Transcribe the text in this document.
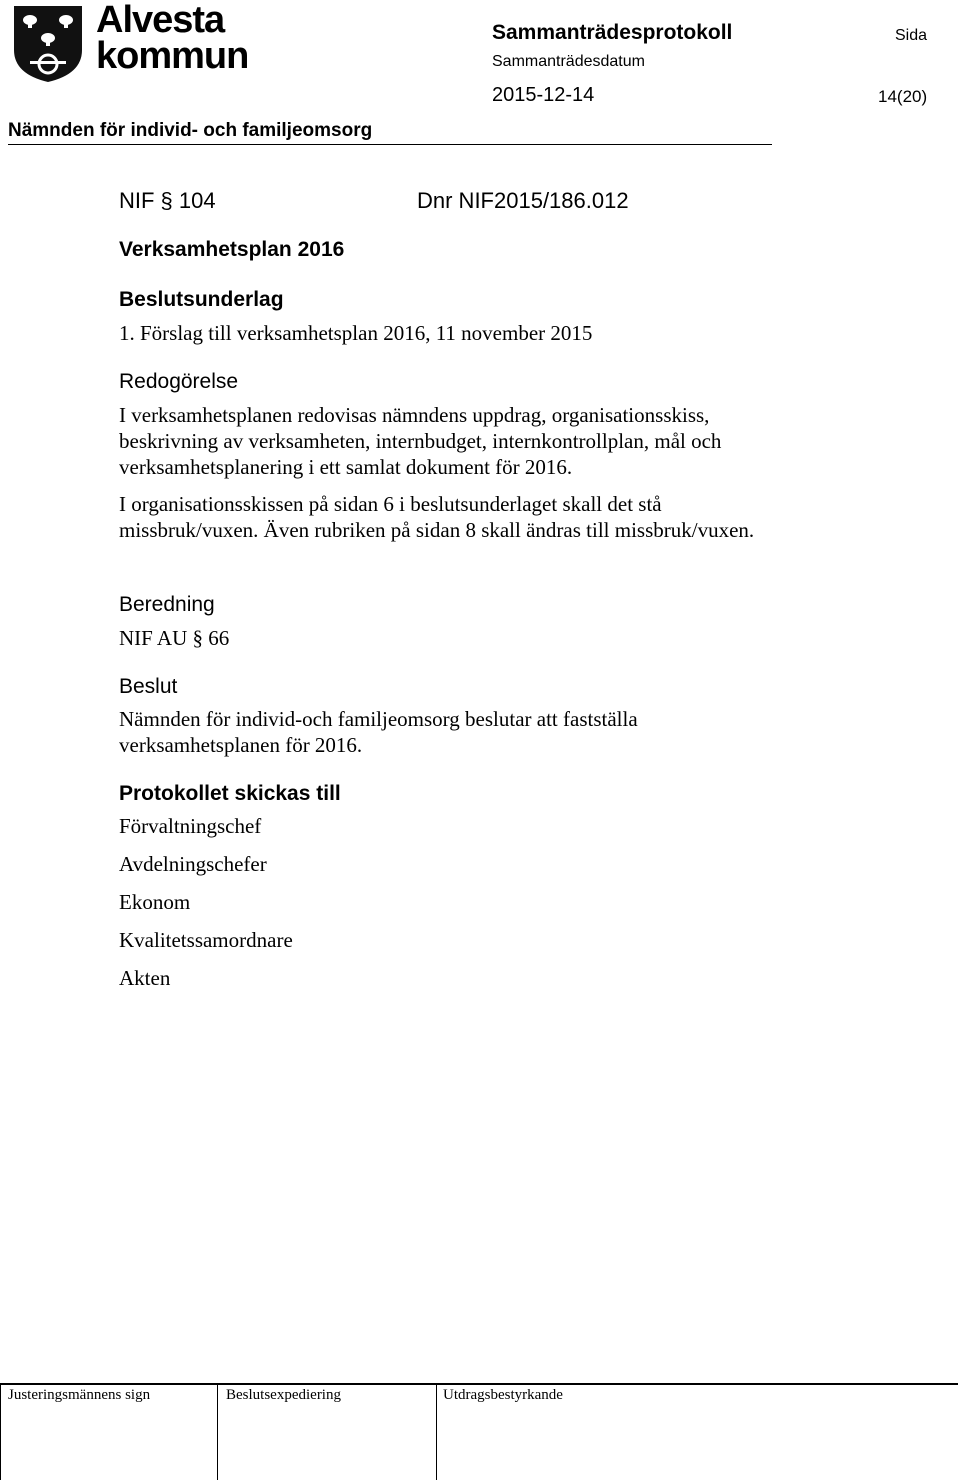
Alvesta
kommun
Sammanträdesprotokoll	Sida
Sammanträdesdatum
2015-12-14	14(20)
Nämnden för individ- och familjeomsorg
NIF § 104	Dnr NIF2015/186.012
Verksamhetsplan 2016
Beslutsunderlag
1. Förslag till verksamhetsplan 2016, 11 november 2015
Redogörelse
I verksamhetsplanen redovisas nämndens uppdrag, organisationsskiss, beskrivning av verksamheten, internbudget, internkontrollplan, mål och verksamhetsplanering i ett samlat dokument för 2016.
I organisationsskissen på sidan 6 i beslutsunderlaget skall det stå missbruk/vuxen. Även rubriken på sidan 8 skall ändras till missbruk/vuxen.
Beredning
NIF AU § 66
Beslut
Nämnden för individ-och familjeomsorg beslutar att fastställa verksamhetsplanen för 2016.
Protokollet skickas till
Förvaltningschef
Avdelningschefer
Ekonom
Kvalitetssamordnare
Akten
Justeringsmännens sign	Beslutsexpediering	Utdragsbestyrkande
